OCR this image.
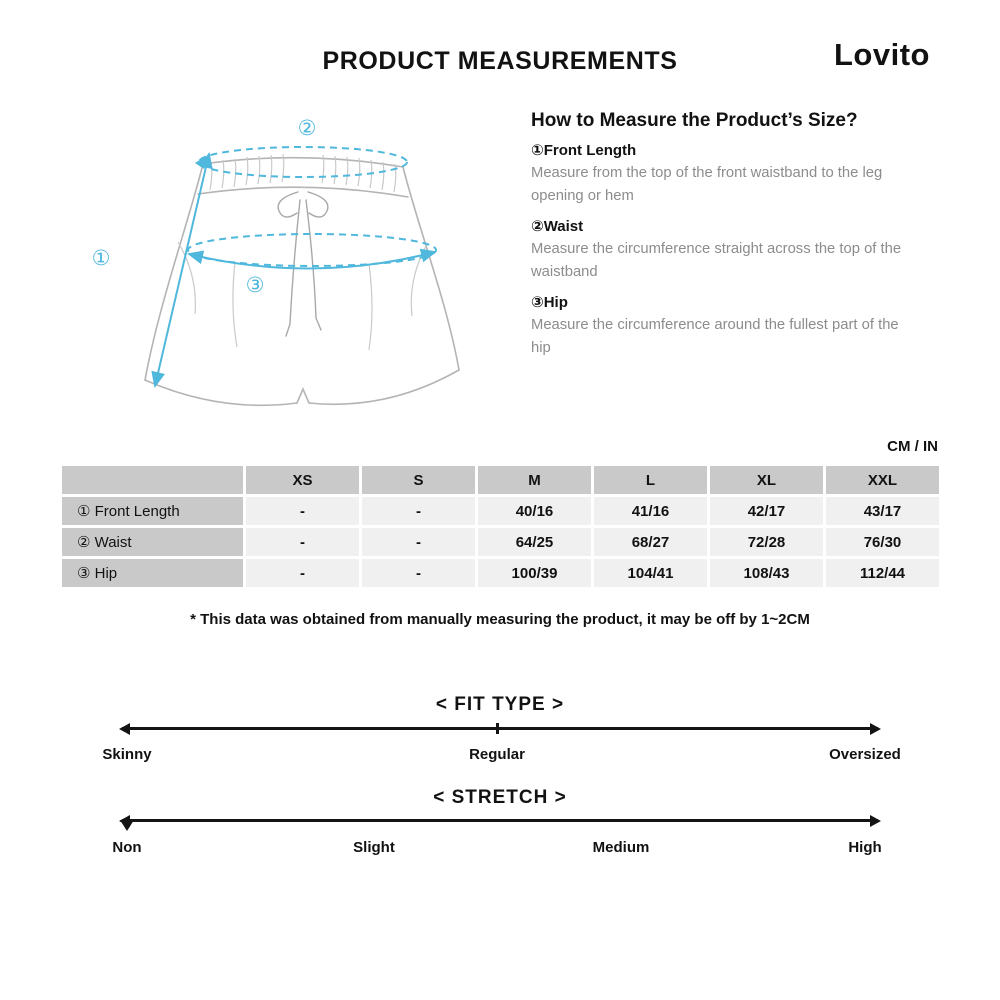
PRODUCT MEASUREMENTS	Lovito
①
②
③
How to Measure the Product’s Size?
①Front Length
Measure from the top of the front waistband to the leg opening or hem
②Waist
Measure the circumference straight across the top of the waistband
③Hip
Measure the circumference around the fullest part of the hip
CM / IN
	XS	S	M	L	XL	XXL
① Front Length	-	-	40/16	41/16	42/17	43/17
② Waist	-	-	64/25	68/27	72/28	76/30
③ Hip	-	-	100/39	104/41	108/43	112/44
* This data was obtained from manually measuring the product, it may be off by 1~2CM
< FIT TYPE >
Skinny	Regular	Oversized
< STRETCH >
Non	Slight	Medium	High
